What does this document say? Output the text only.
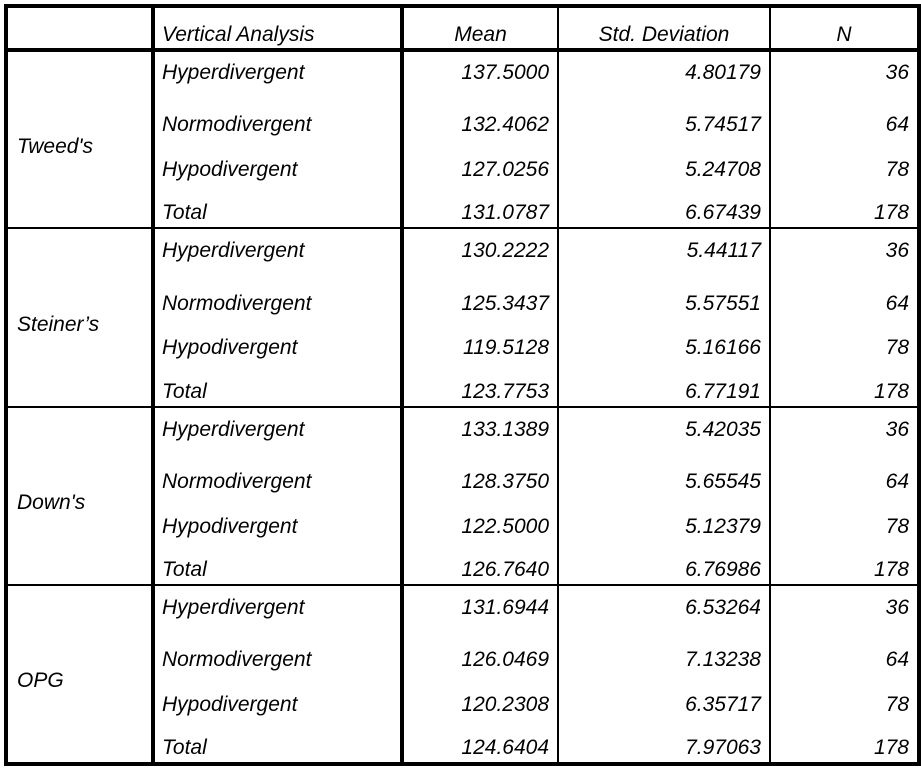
	Vertical Analysis	Mean	Std. Deviation	N
Tweed's	Hyperdivergent	137.5000	4.80179	36
	Normodivergent	132.4062	5.74517	64
	Hypodivergent	127.0256	5.24708	78
	Total	131.0787	6.67439	178
Steiner’s	Hyperdivergent	130.2222	5.44117	36
	Normodivergent	125.3437	5.57551	64
	Hypodivergent	119.5128	5.16166	78
	Total	123.7753	6.77191	178
Down's	Hyperdivergent	133.1389	5.42035	36
	Normodivergent	128.3750	5.65545	64
	Hypodivergent	122.5000	5.12379	78
	Total	126.7640	6.76986	178
OPG	Hyperdivergent	131.6944	6.53264	36
	Normodivergent	126.0469	7.13238	64
	Hypodivergent	120.2308	6.35717	78
	Total	124.6404	7.97063	178
